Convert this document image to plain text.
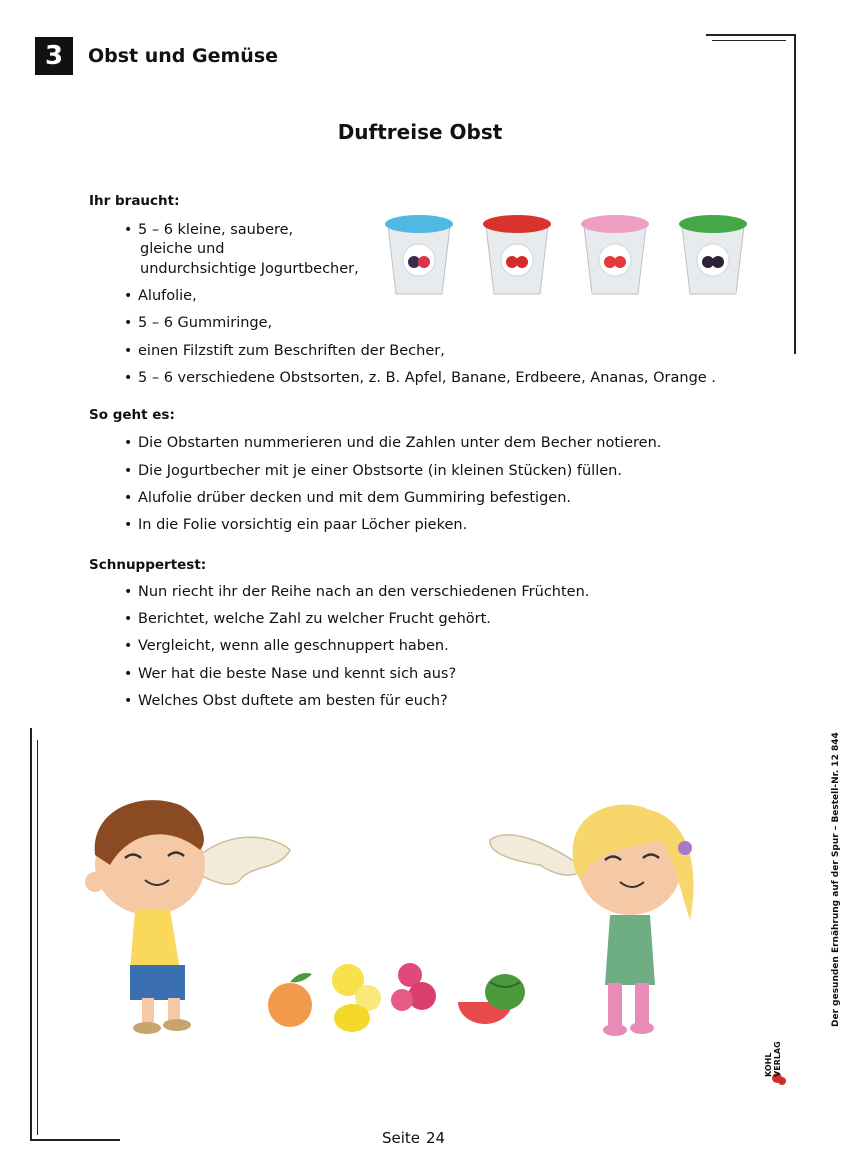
3	Obst und Gemüse
Duftreise Obst
Ihr braucht:
• 5 – 6 kleine, saubere,
gleiche und
undurchsichtige Jogurtbecher,
• Alufolie,
• 5 – 6 Gummiringe,
• einen Filzstift zum Beschriften der Becher,
• 5 – 6 verschiedene Obstsorten, z. B. Apfel, Banane, Erdbeere, Ananas, Orange .
So geht es:
• Die Obstarten nummerieren und die Zahlen unter dem Becher notieren.
• Die Jogurtbecher mit je einer Obstsorte (in kleinen Stücken) füllen.
• Alufolie drüber decken und mit dem Gummiring befestigen.
• In die Folie vorsichtig ein paar Löcher pieken.
Schnuppertest:
• Nun riecht ihr der Reihe nach an den verschiedenen Früchten.
• Berichtet, welche Zahl zu welcher Frucht gehört.
• Vergleicht, wenn alle geschnuppert haben.
• Wer hat die beste Nase und kennt sich aus?
• Welches Obst duftete am besten für euch?
Der gesunden Ernährung auf der Spur – Bestell-Nr. 12 844
KOHL VERLAG
Seite 24
